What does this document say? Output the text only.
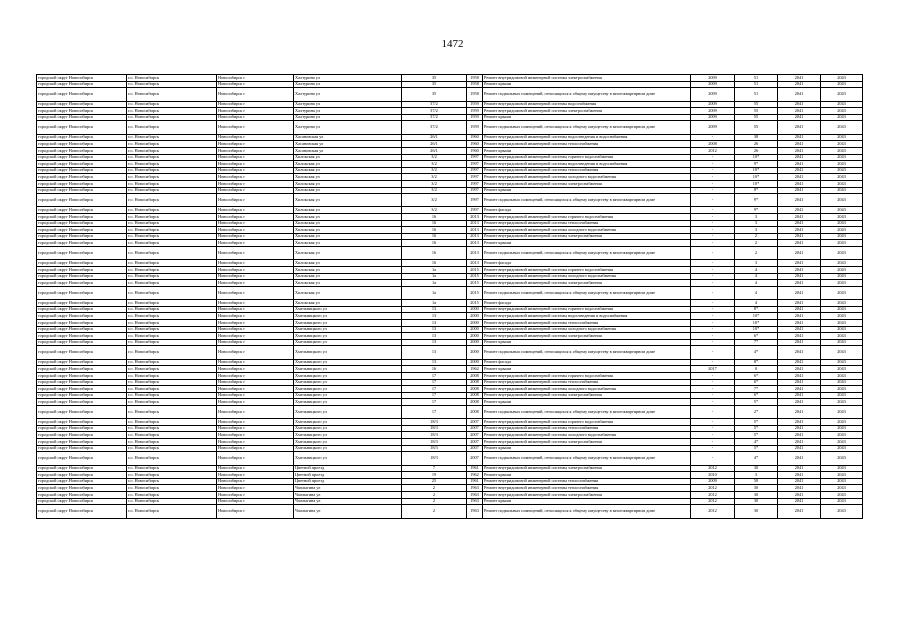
1472
городской округ Новосибирск	г.о. Новосибирск	Новосибирск г	Халтурина ул	35	1958	Ремонт внутридомовой инженерной системы электроснабжения	2009	51	2041	2043
городской округ Новосибирск	г.о. Новосибирск	Новосибирск г	Халтурина ул	35	1958	Ремонт крыши	2009	51	2041	2043
городской округ Новосибирск	г.о. Новосибирск	Новосибирск г	Халтурина ул	35	1958	Ремонт подвальных помещений, относящихся к общему имуществу в многоквартирном доме	2009	51	2041	2043
городской округ Новосибирск	г.о. Новосибирск	Новосибирск г	Халтурина ул	37/2	1959	Ремонт внутридомовой инженерной системы водоснабжения	2009	55	2041	2043
городской округ Новосибирск	г.о. Новосибирск	Новосибирск г	Халтурина ул	37/2	1959	Ремонт внутридомовой инженерной системы электроснабжения	2009	55	2041	2043
городской округ Новосибирск	г.о. Новосибирск	Новосибирск г	Халтурина ул	37/2	1959	Ремонт крыши	2009	55	2041	2043
городской округ Новосибирск	г.о. Новосибирск	Новосибирск г	Халтурина ул	37/2	1959	Ремонт подвальных помещений, относящихся к общему имуществу в многоквартирном доме	2009	55	2041	2043
городской округ Новосибирск	г.о. Новосибирск	Новосибирск г	Хасановская ул	26/1	1960	Ремонт внутридомовой инженерной системы водоотведения и водоснабжения	-	38	2041	2043
городской округ Новосибирск	г.о. Новосибирск	Новосибирск г	Хасановская ул	26/1	1960	Ремонт внутридомовой инженерной системы теплоснабжения	2008	26	2041	2043
городской округ Новосибирск	г.о. Новосибирск	Новосибирск г	Хасановская ул	26/1	1960	Ремонт крыши	2012	26	2041	2043
городской округ Новосибирск	г.о. Новосибирск	Новосибирск г	Хилокская ул	3/2	1997	Ремонт внутридомовой инженерной системы горячего водоснабжения	-	10*	2041	2043
городской округ Новосибирск	г.о. Новосибирск	Новосибирск г	Хилокская ул	3/2	1997	Ремонт внутридомовой инженерной системы водоотведения и водоснабжения	-	9*	2041	2043
городской округ Новосибирск	г.о. Новосибирск	Новосибирск г	Хилокская ул	3/2	1997	Ремонт внутридомовой инженерной системы теплоснабжения	-	10*	2041	2043
городской округ Новосибирск	г.о. Новосибирск	Новосибирск г	Хилокская ул	3/2	1997	Ремонт внутридомовой инженерной системы холодного водоснабжения	-	10*	2041	2043
городской округ Новосибирск	г.о. Новосибирск	Новосибирск г	Хилокская ул	3/2	1997	Ремонт внутридомовой инженерной системы электроснабжения	-	10*	2041	2043
городской округ Новосибирск	г.о. Новосибирск	Новосибирск г	Хилокская ул	3/2	1997	Ремонт крыши	-	8*	2041	2043
городской округ Новосибирск	г.о. Новосибирск	Новосибирск г	Хилокская ул	3/2	1997	Ремонт подвальных помещений, относящихся к общему имуществу в многоквартирном доме	-	9*	2041	2043
городской округ Новосибирск	г.о. Новосибирск	Новосибирск г	Хилокская ул	3/2	1997	Ремонт фасада	-	9*	2041	2043
городской округ Новосибирск	г.о. Новосибирск	Новосибирск г	Хилокская ул	16	2013	Ремонт внутридомовой инженерной системы горячего водоснабжения	-	3	2041	2043
городской округ Новосибирск	г.о. Новосибирск	Новосибирск г	Хилокская ул	16	2013	Ремонт внутридомовой инженерной системы теплоснабжения	-	3	2041	2043
городской округ Новосибирск	г.о. Новосибирск	Новосибирск г	Хилокская ул	16	2013	Ремонт внутридомовой инженерной системы холодного водоснабжения	-	3	2041	2043
городской округ Новосибирск	г.о. Новосибирск	Новосибирск г	Хилокская ул	16	2013	Ремонт внутридомовой инженерной системы электроснабжения	-	2	2041	2043
городской округ Новосибирск	г.о. Новосибирск	Новосибирск г	Хилокская ул	16	2013	Ремонт крыши	-	2	2041	2043
городской округ Новосибирск	г.о. Новосибирск	Новосибирск г	Хилокская ул	16	2013	Ремонт подвальных помещений, относящихся к общему имуществу в многоквартирном доме	-	2	2041	2043
городской округ Новосибирск	г.о. Новосибирск	Новосибирск г	Хилокская ул	16	2013	Ремонт фасада	-	3	2041	2043
городской округ Новосибирск	г.о. Новосибирск	Новосибирск г	Хилокская ул	1а	2015	Ремонт внутридомовой инженерной системы горячего водоснабжения	-	4	2041	2043
городской округ Новосибирск	г.о. Новосибирск	Новосибирск г	Хилокская ул	1а	2015	Ремонт внутридомовой инженерной системы холодного водоснабжения	-	4	2041	2043
городской округ Новосибирск	г.о. Новосибирск	Новосибирск г	Хилокская ул	1а	2015	Ремонт внутридомовой инженерной системы электроснабжения	-	4	2041	2043
городской округ Новосибирск	г.о. Новосибирск	Новосибирск г	Хилокская ул	1а	2015	Ремонт подвальных помещений, относящихся к общему имуществу в многоквартирном доме	-	4	2041	2043
городской округ Новосибирск	г.о. Новосибирск	Новосибирск г	Хилокская ул	1а	2015	Ремонт фасада	-	4	2041	2043
городской округ Новосибирск	г.о. Новосибирск	Новосибирск г	Хмельницкого ул	13	2000	Ремонт внутридомовой инженерной системы горячего водоснабжения	-	8*	2041	2043
городской округ Новосибирск	г.о. Новосибирск	Новосибирск г	Хмельницкого ул	13	2000	Ремонт внутридомовой инженерной системы водоотведения и водоснабжения	-	10*	2041	2043
городской округ Новосибирск	г.о. Новосибирск	Новосибирск г	Хмельницкого ул	13	2000	Ремонт внутридомовой инженерной системы теплоснабжения	-	10*	2041	2043
городской округ Новосибирск	г.о. Новосибирск	Новосибирск г	Хмельницкого ул	13	2000	Ремонт внутридомовой инженерной системы холодного водоснабжения	-	10*	2041	2043
городской округ Новосибирск	г.о. Новосибирск	Новосибирск г	Хмельницкого ул	13	2000	Ремонт внутридомовой инженерной системы электроснабжения	-	6*	2041	2043
городской округ Новосибирск	г.о. Новосибирск	Новосибирск г	Хмельницкого ул	13	2000	Ремонт крыши	-	7*	2041	2043
городской округ Новосибирск	г.о. Новосибирск	Новосибирск г	Хмельницкого ул	13	2000	Ремонт подвальных помещений, относящихся к общему имуществу в многоквартирном доме	-	4*	2041	2043
городской округ Новосибирск	г.о. Новосибирск	Новосибирск г	Хмельницкого ул	13	2000	Ремонт фасада	-	8*	2041	2043
городской округ Новосибирск	г.о. Новосибирск	Новосибирск г	Хмельницкого ул	16	1962	Ремонт крыши	2017	0	2041	2043
городской округ Новосибирск	г.о. Новосибирск	Новосибирск г	Хмельницкого ул	17	2008	Ремонт внутридомовой инженерной системы горячего водоснабжения	-	6*	2041	2043
городской округ Новосибирск	г.о. Новосибирск	Новосибирск г	Хмельницкого ул	17	2008	Ремонт внутридомовой инженерной системы теплоснабжения	-	6*	2041	2043
городской округ Новосибирск	г.о. Новосибирск	Новосибирск г	Хмельницкого ул	17	2008	Ремонт внутридомовой инженерной системы холодного водоснабжения	-	7*	2041	2043
городской округ Новосибирск	г.о. Новосибирск	Новосибирск г	Хмельницкого ул	17	2008	Ремонт внутридомовой инженерной системы электроснабжения	-	6*	2041	2043
городской округ Новосибирск	г.о. Новосибирск	Новосибирск г	Хмельницкого ул	17	2008	Ремонт крыши	-	5*	2041	2043
городской округ Новосибирск	г.о. Новосибирск	Новосибирск г	Хмельницкого ул	17	2008	Ремонт подвальных помещений, относящихся к общему имуществу в многоквартирном доме	-	2*	2041	2043
городской округ Новосибирск	г.о. Новосибирск	Новосибирск г	Хмельницкого ул	18/3	2007	Ремонт внутридомовой инженерной системы горячего водоснабжения	-	5*	2041	2043
городской округ Новосибирск	г.о. Новосибирск	Новосибирск г	Хмельницкого ул	18/3	2007	Ремонт внутридомовой инженерной системы теплоснабжения	-	5*	2041	2043
городской округ Новосибирск	г.о. Новосибирск	Новосибирск г	Хмельницкого ул	18/3	2007	Ремонт внутридомовой инженерной системы холодного водоснабжения	-	5*	2041	2043
городской округ Новосибирск	г.о. Новосибирск	Новосибирск г	Хмельницкого ул	18/3	2007	Ремонт внутридомовой инженерной системы электроснабжения	-	4*	2041	2043
городской округ Новосибирск	г.о. Новосибирск	Новосибирск г	Хмельницкого ул	18/3	2007	Ремонт крыши	-	5*	2041	2043
городской округ Новосибирск	г.о. Новосибирск	Новосибирск г	Хмельницкого ул	18/3	2007	Ремонт подвальных помещений, относящихся к общему имуществу в многоквартирном доме	-	4*	2041	2043
городской округ Новосибирск	г.о. Новосибирск	Новосибирск г	Цветной проезд	7	1961	Ремонт внутридомовой инженерной системы электроснабжения	2012	30	2041	2043
городской округ Новосибирск	г.о. Новосибирск	Новосибирск г	Цветной проезд	19	1962	Ремонт крыши	2010	3	2041	2043
городской округ Новосибирск	г.о. Новосибирск	Новосибирск г	Цветной проезд	25	1961	Ремонт внутридомовой инженерной системы теплоснабжения	2009	50	2041	2043
городской округ Новосибирск	г.о. Новосибирск	Новосибирск г	Чаплыгина ул	2	1963	Ремонт внутридомовой инженерной системы теплоснабжения	2012	30	2041	2043
городской округ Новосибирск	г.о. Новосибирск	Новосибирск г	Чаплыгина ул	2	1963	Ремонт внутридомовой инженерной системы электроснабжения	2012	30	2041	2043
городской округ Новосибирск	г.о. Новосибирск	Новосибирск г	Чаплыгина ул	2	1963	Ремонт крыши	2012	30	2041	2043
городской округ Новосибирск	г.о. Новосибирск	Новосибирск г	Чаплыгина ул	2	1963	Ремонт подвальных помещений, относящихся к общему имуществу в многоквартирном доме	2012	30	2041	2043
